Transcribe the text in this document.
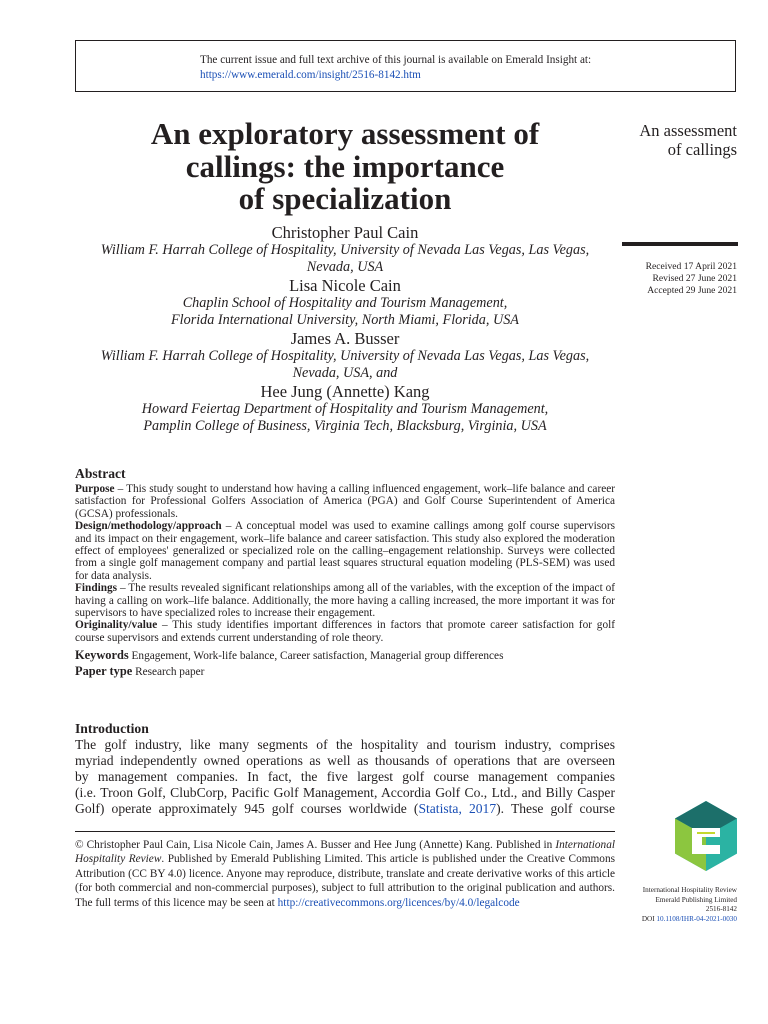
The current issue and full text archive of this journal is available on Emerald Insight at:
https://www.emerald.com/insight/2516-8142.htm
An exploratory assessment of
callings: the importance
of specialization
An assessment
of callings
Received 17 April 2021
Revised 27 June 2021
Accepted 29 June 2021
Christopher Paul Cain
William F. Harrah College of Hospitality, University of Nevada Las Vegas, Las Vegas,
Nevada, USA
Lisa Nicole Cain
Chaplin School of Hospitality and Tourism Management,
Florida International University, North Miami, Florida, USA
James A. Busser
William F. Harrah College of Hospitality, University of Nevada Las Vegas, Las Vegas,
Nevada, USA, and
Hee Jung (Annette) Kang
Howard Feiertag Department of Hospitality and Tourism Management,
Pamplin College of Business, Virginia Tech, Blacksburg, Virginia, USA
Abstract

Purpose – This study sought to understand how having a calling influenced engagement, work–life balance and career satisfaction for Professional Golfers Association of America (PGA) and Golf Course Superintendent of America (GCSA) professionals.

Design/methodology/approach – A conceptual model was used to examine callings among golf course supervisors and its impact on their engagement, work–life balance and career satisfaction. This study also explored the moderation effect of employees' generalized or specialized role on the calling–engagement relationship. Surveys were collected from a single golf management company and partial least squares structural equation modeling (PLS-SEM) was used for data analysis.

Findings – The results revealed significant relationships among all of the variables, with the exception of the impact of having a calling on work–life balance. Additionally, the more having a calling increased, the more important it was for supervisors to have specialized roles to increase their engagement.

Originality/value – This study identifies important differences in factors that promote career satisfaction for golf course supervisors and extends current understanding of role theory.

Keywords Engagement, Work-life balance, Career satisfaction, Managerial group differences
Paper type Research paper
Introduction
The golf industry, like many segments of the hospitality and tourism industry, comprises
myriad independently owned operations as well as thousands of operations that are overseen
by management companies. In fact, the five largest golf course management companies
(i.e. Troon Golf, ClubCorp, Pacific Golf Management, Accordia Golf Co., Ltd., and Billy Casper
Golf) operate approximately 945 golf courses worldwide (Statista, 2017). These golf course
© Christopher Paul Cain, Lisa Nicole Cain, James A. Busser and Hee Jung (Annette) Kang. Published in International Hospitality Review. Published by Emerald Publishing Limited. This article is published under the Creative Commons Attribution (CC BY 4.0) licence. Anyone may reproduce, distribute, translate and create derivative works of this article (for both commercial and non-commercial purposes), subject to full attribution to the original publication and authors. The full terms of this licence may be seen at http://creativecommons.org/licences/by/4.0/legalcode
International Hospitality Review
Emerald Publishing Limited
2516-8142
DOI 10.1108/IHR-04-2021-0030
